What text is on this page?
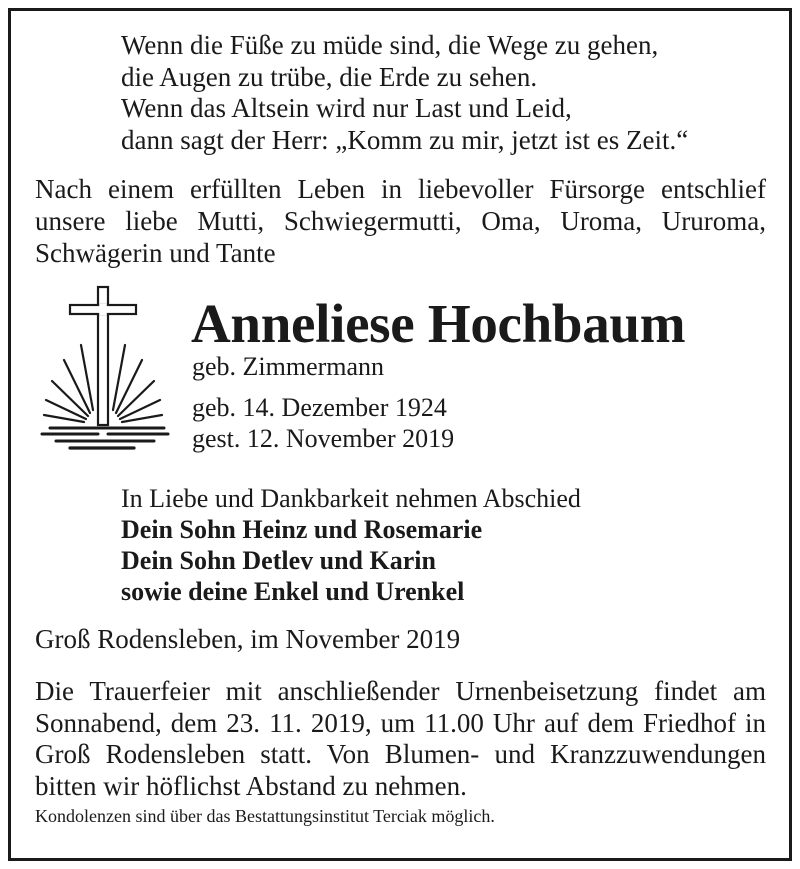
Wenn die Füße zu müde sind, die Wege zu gehen,
die Augen zu trübe, die Erde zu sehen.
Wenn das Altsein wird nur Last und Leid,
dann sagt der Herr: „Komm zu mir, jetzt ist es Zeit.“
Nach einem erfüllten Leben in liebevoller Fürsorge entschlief unsere liebe Mutti, Schwiegermutti, Oma, Uroma, Ururoma, Schwägerin und Tante
Anneliese Hochbaum
geb. Zimmermann
geb. 14. Dezember 1924
gest. 12. November 2019
In Liebe und Dankbarkeit nehmen Abschied
Dein Sohn Heinz und Rosemarie
Dein Sohn Detlev und Karin
sowie deine Enkel und Urenkel
Groß Rodensleben, im November 2019
Die Trauerfeier mit anschließender Urnenbeisetzung findet am Sonnabend, dem 23. 11. 2019, um 11.00 Uhr auf dem Friedhof in Groß Rodensleben statt. Von Blumen- und Kranzzuwendungen bitten wir höflichst Abstand zu nehmen.
Kondolenzen sind über das Bestattungsinstitut Terciak möglich.
